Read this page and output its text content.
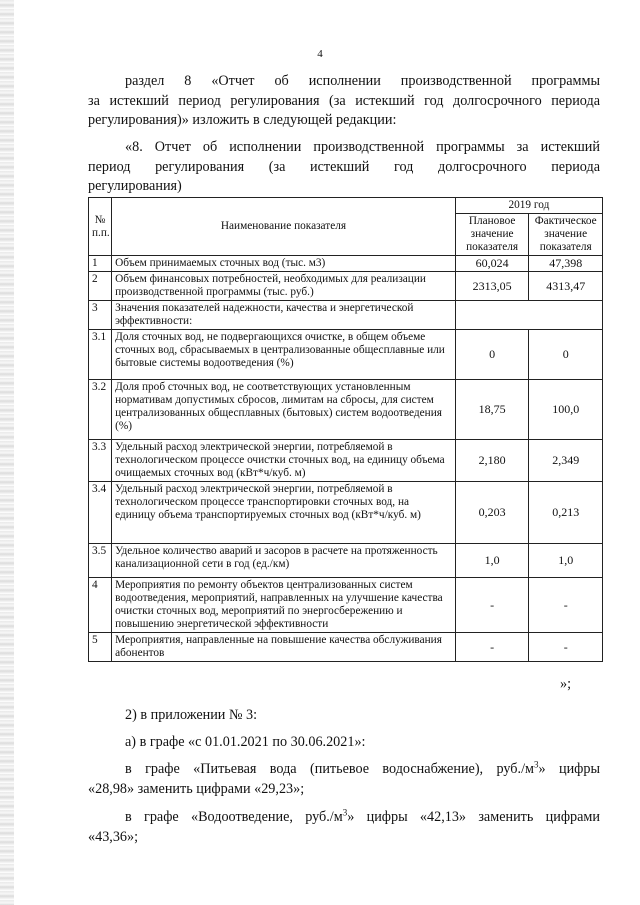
4
раздел 8 «Отчет об исполнении производственной программы
за истекший период регулирования (за истекший год долгосрочного периода
регулирования)» изложить в следующей редакции:
«8. Отчет об исполнении производственной программы за истекший
период регулирования (за истекший год долгосрочного периода
регулирования)
№ п.п.	Наименование показателя	2019 год	
		Плановое значение показателя	Фактическое значение показателя
1	Объем принимаемых сточных вод (тыс. м3)	60,024	47,398
2	Объем финансовых потребностей, необходимых для реализации производственной программы (тыс. руб.)	2313,05	4313,47
3	Значения показателей надежности, качества и энергетической эффективности:		
3.1	Доля сточных вод, не подвергающихся очистке, в общем объеме сточных вод, сбрасываемых в централизованные общесплавные или бытовые системы водоотведения (%)	0	0
3.2	Доля проб сточных вод, не соответствующих установленным нормативам допустимых сбросов, лимитам на сбросы, для систем централизованных общесплавных (бытовых) систем водоотведения (%)	18,75	100,0
3.3	Удельный расход электрической энергии, потребляемой в технологическом процессе очистки сточных вод, на единицу объема очищаемых сточных вод (кВт*ч/куб. м)	2,180	2,349
3.4	Удельный расход электрической энергии, потребляемой в технологическом процессе транспортировки сточных вод, на единицу объема транспортируемых сточных вод (кВт*ч/куб. м)	0,203	0,213
3.5	Удельное количество аварий и засоров в расчете на протяженность канализационной сети в год (ед./км)	1,0	1,0
4	Мероприятия по ремонту объектов централизованных систем водоотведения, мероприятий, направленных на улучшение качества очистки сточных вод, мероприятий по энергосбережению и повышению энергетической эффективности	-	-
5	Мероприятия, направленные на повышение качества обслуживания абонентов	-	-
»;
2) в приложении № 3:
а) в графе «с 01.01.2021 по 30.06.2021»:
в графе «Питьевая вода (питьевое водоснабжение), $руб./м^3$» цифры
«28,98» заменить цифрами «29,23»;
в графе «Водоотведение, $руб./м^3$» цифры «42,13» заменить цифрами
«43,36»;
